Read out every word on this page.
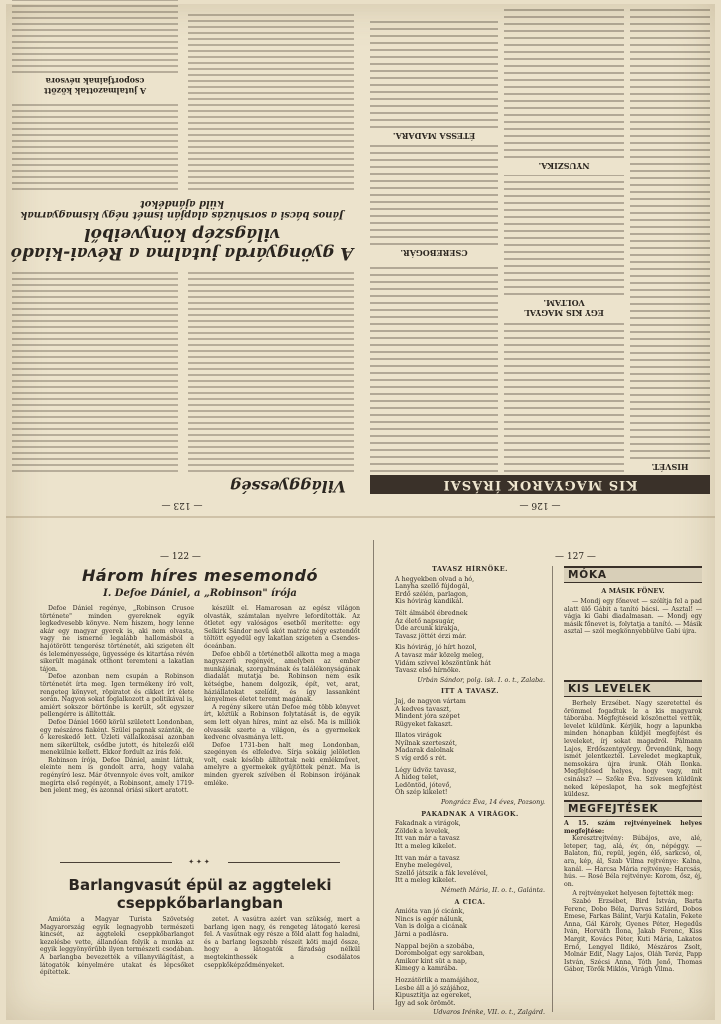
— 126 —
KIS MAGYAROK ÍRÁSAI
HISVÉT.
EGY KIS MAGYAL VOLTAM.
NYUSZIKA.
CSEREBOGÁR.
ÉTESSA MADARA.
— 123 —
Világgyesség
A gyöngyárda jutalma a Révai-kiadó világszép könyveiből
János bácsi a sorshúzás alapján ismét négy kismagyarnak küld ajándékot
A jutalmazottak között csoportjainak névsora
— 122 —
Három híres mesemondó
I. Defoe Dániel, a „Robinson" írója

Defoe Dániel regénye, „Robinson Crusoe története" minden gyereknek egyik legkedvesebb könyve. Nem hiszem, hogy lenne akár egy magyar gyerek is, aki nem olvasta, vagy ne ismerné legalább hallomásból a hajótörött tengerész történetét, aki szigeten élt és leleményessége, ügyessége és kitartása révén sikerült magának otthont teremteni a lakatlan tájon.

Defoe azonban nem csupán a Robinson történetét írta meg. Igen termékeny író volt, rengeteg könyvet, röpiratot és cikket írt élete során. Nagyon sokat foglalkozott a politikával is, amiért sokszor börtönbe is került, sőt egyszer pellengérre is állították.

Defoe Dániel 1660 körül született Londonban, egy mészáros fiaként. Szülei papnak szánták, de ő kereskedő lett. Üzleti vállalkozásai azonban nem sikerültek, csődbe jutott, és hitelezői elől menekülnie kellett. Ekkor fordult az írás felé.

Robinson írója, Defoe Dániel, amint láttuk, eleinte nem is gondolt arra, hogy valaha regényíró lesz. Már ötvennyolc éves volt, amikor megírta első regényét, a Robinsont, amely 1719-ben jelent meg, és azonnal óriási sikert aratott.

készült el. Hamarosan az egész világon olvasták, számtalan nyelvre lefordították. Az ötletet egy valóságos esetből merítette: egy Selkirk Sándor nevű skót matróz négy esztendőt töltött egyedül egy lakatlan szigeten a Csendes-óceánban.

Defoe ebből a történetből alkotta meg a maga nagyszerű regényét, amelyben az ember munkájának, szorgalmának és találékonyságának diadalát mutatja be. Robinson nem esik kétségbe, hanem dolgozik, épít, vet, arat, háziállatokat szelídít, és így lassanként kényelmes életet teremt magának.

A regény sikere után Defoe még több könyvet írt, köztük a Robinson folytatását is, de egyik sem lett olyan híres, mint az első. Ma is milliók olvassák szerte a világon, és a gyermekek kedvenc olvasmánya lett.

Defoe 1731-ben halt meg Londonban, szegényen és elfeledve. Sírja sokáig jelöletlen volt, csak később állítottak neki emlékművet, amelyre a gyermekek gyűjtöttek pénzt. Ma is minden gyerek szívében él Robinson írójának emléke.

✦✦✦
Barlangvasút épül az aggteleki cseppkőbarlangban

Amióta a Magyar Turista Szövetség Magyarország egyik legnagyobb természeti kincsét, az aggteleki cseppkőbarlangot kezelésbe vette, állandóan folyik a munka az egyik leggyönyörűbb ilyen természeti csodában. A barlangba bevezették a villanyvilágítást, a látogatók kényelmére utakat és lépcsőket építettek.

zetet. A vasútra azért van szükség, mert a barlang igen nagy, és rengeteg látogató keresi fel. A vasútnak egy része a föld alatt fog haladni, és a barlang legszebb részeit köti majd össze, hogy a látogatók fáradság nélkül megtekinthessék a csodálatos cseppkőképződményeket.

— 127 —
TAVASZ HÍRNÖKE.
A hegyekben olvad a hó,
Lanyha szellő fújdogál,
Erdő szélén, parlagon,
Kis hóvirág kandikál.
Télt álmából ébrednek
Az élető napsugár,
Üde arcunk kirakja,
Tavasz jöttét érzi már.
Kis hóvirág, jó hírt hozol,
A tavasz már közelg meleg,
Vidám szívvel köszöntünk hát
Tavasz első hírnöke.
Urbán Sándor, polg. isk. I. o. t., Zalaba.
ITT A TAVASZ.
Jaj, de nagyon vártam
A kedves tavaszt,
Mindent jóra szépet
Rügyeket fakaszt.
Illatos virágok
Nyílnak szerteszét,
Madarak dalolnak
S víg erdő s rét.
Légy üdvöz tavasz,
A hideg telet,
Ledöntöd, jótevő,
Óh szép kikelet!
Pongrácz Éva, 14 éves, Pozsony.
PAKADNAK A VIRÁGOK.
Fakadnak a virágok,
Zöldek a levelek,
Itt van már a tavasz
Itt a meleg kikelet.
Itt van már a tavasz
Enyhe melegével,
Szellő játszik a fák levelével,
Itt a meleg kikelet.
Németh Mária, II. o. t., Galánta.
A CICA.
Amióta van jó cicánk,
Nincs is egér nálunk,
Van is dolga a cicának
Járni a padlásra.
Nappal bejön a szobába,
Dorombolgat egy sarokban,
Amikor kint süt a nap,
Kimegy a kamrába.
Hozzátörlik a mamájához,
Lesbe áll a jó szájához,
Kipusztítja az egereket,
Így ad sok örömöt.
Udvaros Irénke, VII. o. t., Zalgárd.
MÓKA
A MÁSIK FÖNEV.

— Mondj egy főnevet — szólítja fel a pad alatt ülő Gábit a tanító bácsi. — Asztal! — vágja ki Gabi diadalmasan. — Mondj egy másik főnevet is, folytatja a tanító. — Másik asztal — szól megkönnyebbülve Gabi újra.

KIS LEVELEK

Berhely Erzsébet. Nagy szeretettel és örömmel fogadtuk le a kis magyarok táborába. Megfejtéseid köszönettel vettük, levelet küldünk. Kérjük, hogy a lapunkba minden hónapban küldjél megfejtést és leveleket, írj sokat magadról. Pálmann Lajos, Erdőszentgyörgy. Örvendünk, hogy ismét jelentkeztél. Leveledet megkaptuk, nemsokára újra írunk. Oláh Ilonka. Megfejtésed helyes, hogy vagy, mit csinálsz? — Szőke Éva. Szívesen küldünk neked képeslapot, ha sok megfejtést küldesz.

MEGFEJTÉSEK

A 15. szám rejtvényeinek helyes megfejtése:

Keresztrejtvény: Búbájos, ave, alé, leteper, tag, alá, év, ón, népéggy. — Balaton, fiú, repül, jegén, élő, sarkcsó, ol, ara, kép, ál, Szab Vilma rejtvénye: Kalna, kanál. — Harcsa Mária rejtvénye: Harcsás, hús. — Rosé Béla rejtvénye: Korom, ősz, éj, on.

A rejtvényeket helyesen fejtették meg:

Szabó Erzsébet, Bird István, Barta Ferenc, Dobo Béla, Darvas Szilárd, Dobos Emese, Farkas Bálint, Varjú Katalin, Fekete Anna, Gál Károly, Gyenes Péter, Hegedűs Iván, Horváth Ilona, Jakab Ferenc, Kiss Margit, Kovács Péter, Kuti Mária, Lakatos Ernő, Lengyel Ildikó, Mészáros Zsolt, Molnár Edit, Nagy Lajos, Oláh Teréz, Papp István, Szécsi Anna, Tóth Jenő, Thomas Gábor, Törők Miklós, Virágh Vilma.
